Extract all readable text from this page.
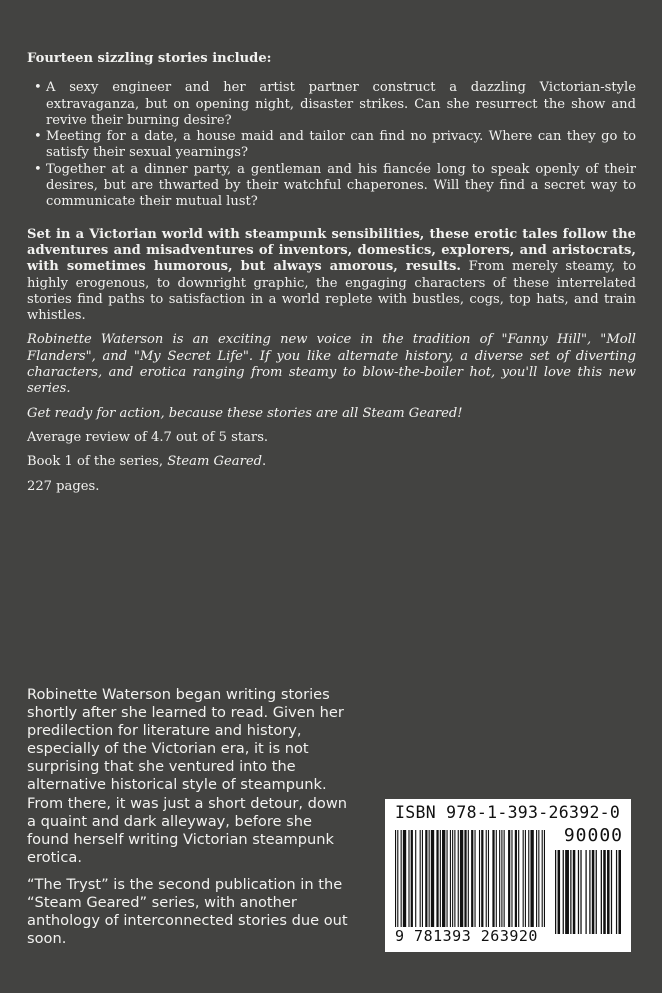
Fourteen sizzling stories include:

• A sexy engineer and her artist partner construct a dazzling Victorian-style extravaganza, but on opening night, disaster strikes. Can she resurrect the show and revive their burning desire?
• Meeting for a date, a house maid and tailor can find no privacy. Where can they go to satisfy their sexual yearnings?
• Together at a dinner party, a gentleman and his fiancée long to speak openly of their desires, but are thwarted by their watchful chaperones. Will they find a secret way to communicate their mutual lust?

Set in a Victorian world with steampunk sensibilities, these erotic tales follow the adventures and misadventures of inventors, domestics, explorers, and aristocrats, with sometimes humorous, but always amorous, results. From merely steamy, to highly erogenous, to downright graphic, the engaging characters of these interrelated stories find paths to satisfaction in a world replete with bustles, cogs, top hats, and train whistles.

Robinette Waterson is an exciting new voice in the tradition of "Fanny Hill", "Moll Flanders", and "My Secret Life". If you like alternate history, a diverse set of diverting characters, and erotica ranging from steamy to blow-the-boiler hot, you'll love this new series.

Get ready for action, because these stories are all Steam Geared!

Average review of 4.7 out of 5 stars.

Book 1 of the series, Steam Geared.

227 pages.

Robinette Waterson began writing stories shortly after she learned to read. Given her predilection for literature and history, especially of the Victorian era, it is not surprising that she ventured into the alternative historical style of steampunk. From there, it was just a short detour, down a quaint and dark alleyway, before she found herself writing Victorian steampunk erotica.

“The Tryst” is the second publication in the “Steam Geared” series, with another anthology of interconnected stories due out soon.

ISBN 978-1-393-26392-0
90000
9 781393 263920
